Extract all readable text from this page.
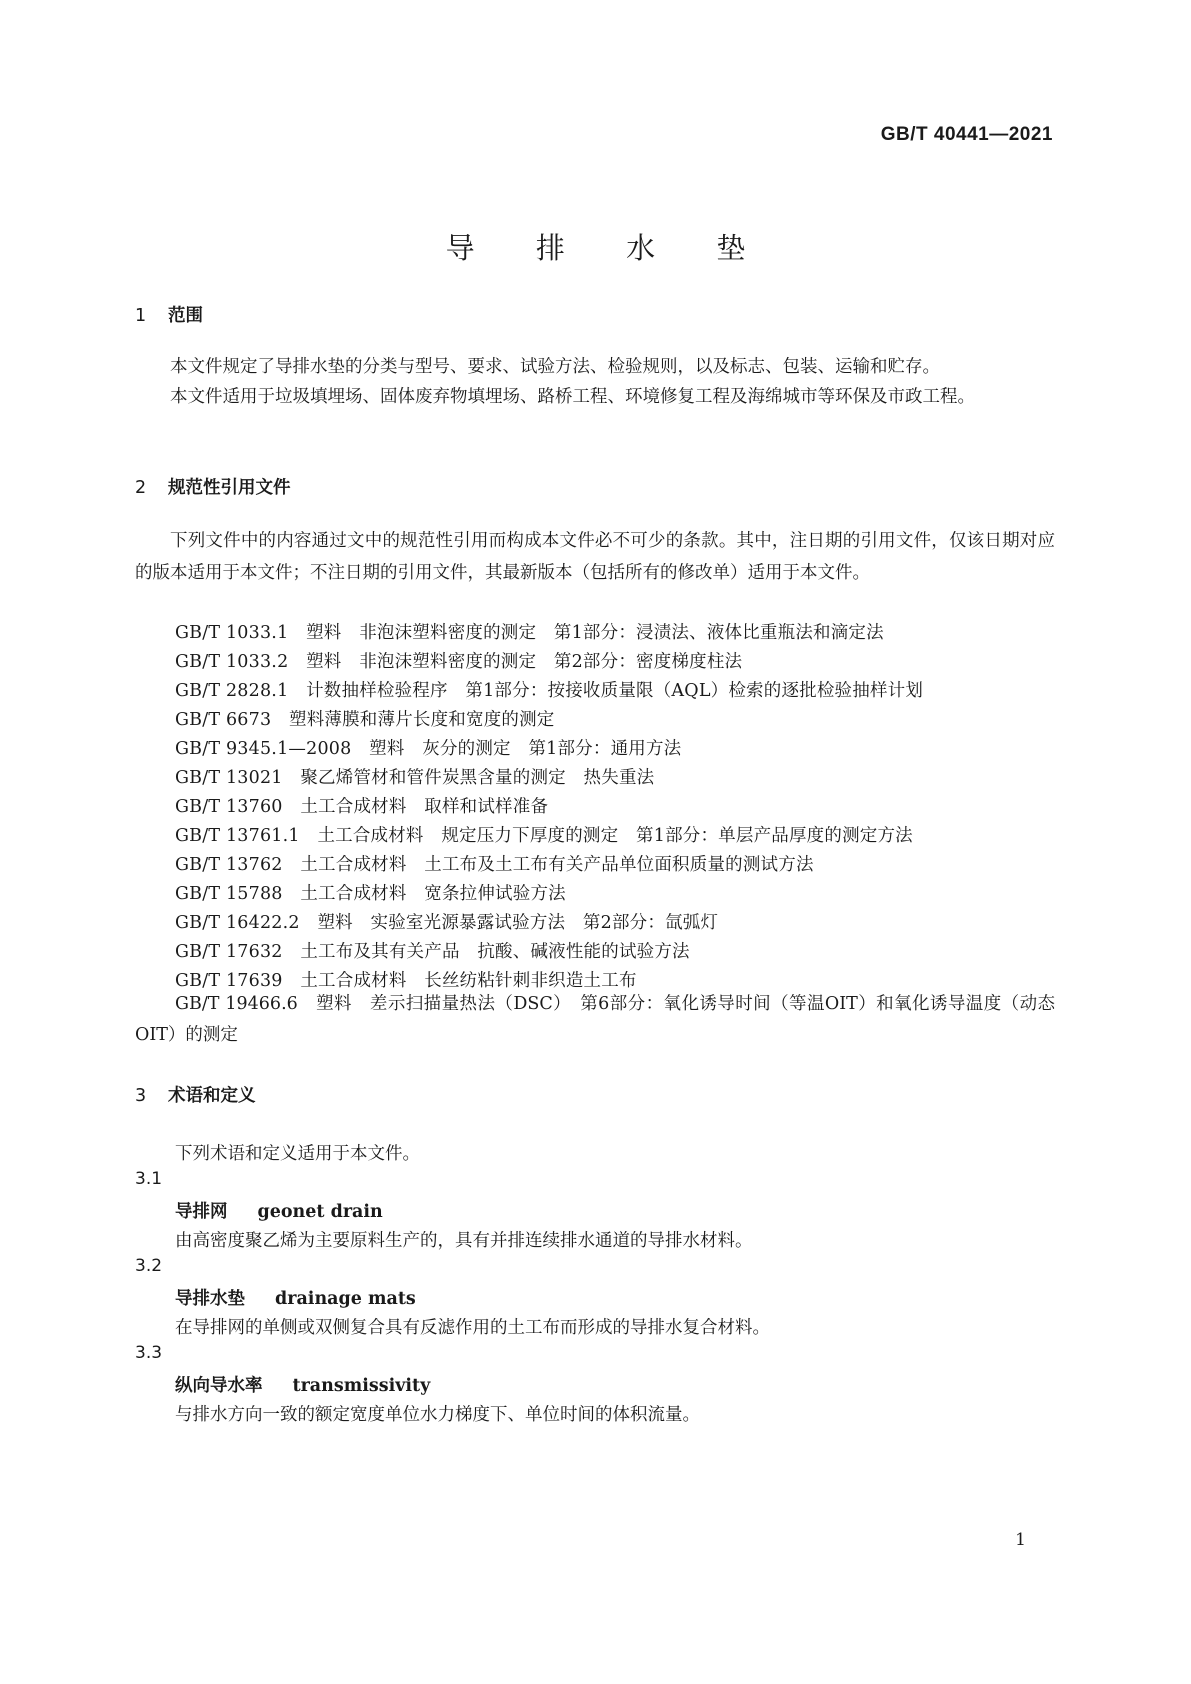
GB/T 40441—2021
导 排 水 垫
1 范围
本文件规定了导排水垫的分类与型号、要求、试验方法、检验规则，以及标志、包装、运输和贮存。
本文件适用于垃圾填埋场、固体废弃物填埋场、路桥工程、环境修复工程及海绵城市等环保及市政工程。
2 规范性引用文件
下列文件中的内容通过文中的规范性引用而构成本文件必不可少的条款。其中，注日期的引用文件，仅该日期对应的版本适用于本文件；不注日期的引用文件，其最新版本（包括所有的修改单）适用于本文件。
GB/T 1033.1　塑料　非泡沫塑料密度的测定　第1部分：浸渍法、液体比重瓶法和滴定法
GB/T 1033.2　塑料　非泡沫塑料密度的测定　第2部分：密度梯度柱法
GB/T 2828.1　计数抽样检验程序　第1部分：按接收质量限（AQL）检索的逐批检验抽样计划
GB/T 6673　塑料薄膜和薄片长度和宽度的测定
GB/T 9345.1—2008　塑料　灰分的测定　第1部分：通用方法
GB/T 13021　聚乙烯管材和管件炭黑含量的测定　热失重法
GB/T 13760　土工合成材料　取样和试样准备
GB/T 13761.1　土工合成材料　规定压力下厚度的测定　第1部分：单层产品厚度的测定方法
GB/T 13762　土工合成材料　土工布及土工布有关产品单位面积质量的测试方法
GB/T 15788　土工合成材料　宽条拉伸试验方法
GB/T 16422.2　塑料　实验室光源暴露试验方法　第2部分：氙弧灯
GB/T 17632　土工布及其有关产品　抗酸、碱液性能的试验方法
GB/T 17639　土工合成材料　长丝纺粘针刺非织造土工布
GB/T 19466.6　塑料　差示扫描量热法（DSC）　第6部分：氧化诱导时间（等温OIT）和氧化诱导温度（动态OIT）的测定
3 术语和定义
下列术语和定义适用于本文件。
3.1
导排网 geonet drain
由高密度聚乙烯为主要原料生产的，具有并排连续排水通道的导排水材料。
3.2
导排水垫 drainage mats
在导排网的单侧或双侧复合具有反滤作用的土工布而形成的导排水复合材料。
3.3
纵向导水率 transmissivity
与排水方向一致的额定宽度单位水力梯度下、单位时间的体积流量。
1
